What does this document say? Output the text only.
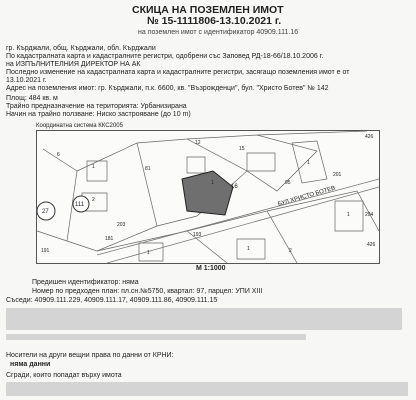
СКИЦА НА ПОЗЕМЛЕН ИМОТ
№ 15-1111806-13.10.2021 г.
на поземлен имот с идентификатор 40909.111.16
гр. Кърджали, общ. Кърджали, обл. Кърджали
По кадастралната карта и кадастралните регистри, одобрени със Заповед РД-18-66/18.10.2006 г.
на ИЗПЪЛНИТЕЛНИЯ ДИРЕКТОР НА АК
Последно изменение на кадастралната карта и кадастралните регистри, засягащо поземления имот е от
13.10.2021 г.
Адрес на поземления имот: гр. Кърджали, п.к. 6600, кв. "Възрожденци", бул. "Христо Ботев" № 142
Площ: 484 кв. м
Трайно предназначение на територията: Урбанизирана
Начин на трайно ползване: Ниско застрояване (до 10 m)
Координатна система ККС2005
16
111
27
15
81
12
1
2
426
95
1
1
201
426
193
203
204
181
1
1	2
191
6
1
БУЛ.ХРИСТО БОТЕВ
М 1:1000
Предишен идентификатор: няма
Номер по предходен план: пл.сн.№5750, квартал: 97, парцел: УПИ XIII
Съседи: 40909.111.229, 40909.111.17, 40909.111.86, 40909.111.15
Носители на други вещни права по данни от КРНИ:
няма данни
Сгради, които попадат върху имота
